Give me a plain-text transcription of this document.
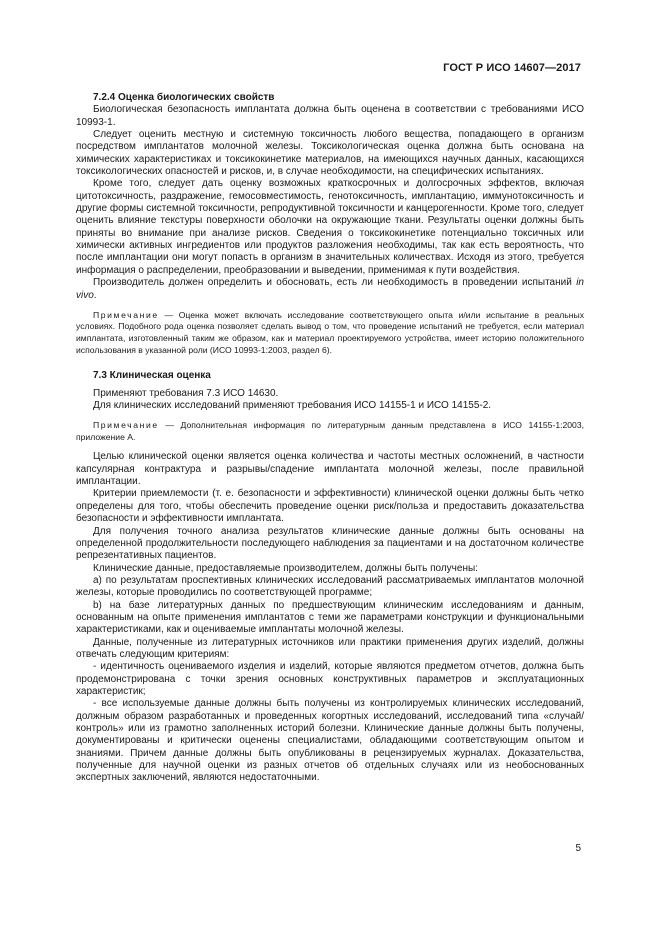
ГОСТ Р ИСО 14607—2017
7.2.4 Оценка биологических свойств

Биологическая безопасность имплантата должна быть оценена в соответствии с требованиями ИСО 10993-1.

Следует оценить местную и системную токсичность любого вещества, попадающего в организм посредством имплантатов молочной железы. Токсикологическая оценка должна быть основана на химических характеристиках и токсикокинетике материалов, на имеющихся научных данных, касающихся токсикологических опасностей и рисков, и, в случае необходимости, на специфических испытаниях.

Кроме того, следует дать оценку возможных краткосрочных и долгосрочных эффектов, включая цитотоксичность, раздражение, гемосовместимость, генотоксичность, имплантацию, иммунотоксичность и другие формы системной токсичности, репродуктивной токсичности и канцерогенности. Кроме того, следует оценить влияние текстуры поверхности оболочки на окружающие ткани. Результаты оценки должны быть приняты во внимание при анализе рисков. Сведения о токсикокинетике потенциально токсичных или химически активных ингредиентов или продуктов разложения необходимы, так как есть вероятность, что после имплантации они могут попасть в организм в значительных количествах. Исходя из этого, требуется информация о распределении, преобразовании и выведении, применимая к пути воздействия.

Производитель должен определить и обосновать, есть ли необходимость в проведении испытаний in vivo.

Примечание — Оценка может включать исследование соответствующего опыта и/или испытание в реальных условиях. Подобного рода оценка позволяет сделать вывод о том, что проведение испытаний не требуется, если материал имплантата, изготовленный таким же образом, как и материал проектируемого устройства, имеет историю положительного использования в указанной роли (ИСО 10993-1:2003, раздел 6).

7.3 Клиническая оценка

Применяют требования 7.3 ИСО 14630.

Для клинических исследований применяют требования ИСО 14155-1 и ИСО 14155-2.

Примечание — Дополнительная информация по литературным данным представлена в ИСО 14155-1:2003, приложение А.

Целью клинической оценки является оценка количества и частоты местных осложнений, в частности капсулярная контрактура и разрывы/спадение имплантата молочной железы, после правильной имплантации.

Критерии приемлемости (т. е. безопасности и эффективности) клинической оценки должны быть четко определены для того, чтобы обеспечить проведение оценки риск/польза и предоставить доказательства безопасности и эффективности имплантата.

Для получения точного анализа результатов клинические данные должны быть основаны на определенной продолжительности последующего наблюдения за пациентами и на достаточном количестве репрезентативных пациентов.

Клинические данные, предоставляемые производителем, должны быть получены:

a) по результатам проспективных клинических исследований рассматриваемых имплантатов молочной железы, которые проводились по соответствующей программе;

b) на базе литературных данных по предшествующим клиническим исследованиям и данным, основанным на опыте применения имплантатов с теми же параметрами конструкции и функциональными характеристиками, как и оцениваемые имплантаты молочной железы.

Данные, полученные из литературных источников или практики применения других изделий, должны отвечать следующим критериям:

- идентичность оцениваемого изделия и изделий, которые являются предметом отчетов, должна быть продемонстрирована с точки зрения основных конструктивных параметров и эксплуатационных характеристик;

- все используемые данные должны быть получены из контролируемых клинических исследований, должным образом разработанных и проведенных когортных исследований, исследований типа «случай/контроль» или из грамотно заполненных историй болезни. Клинические данные должны быть получены, документированы и критически оценены специалистами, обладающими соответствующим опытом и знаниями. Причем данные должны быть опубликованы в рецензируемых журналах. Доказательства, полученные для научной оценки из разных отчетов об отдельных случаях или из необоснованных экспертных заключений, являются недостаточными.

5
